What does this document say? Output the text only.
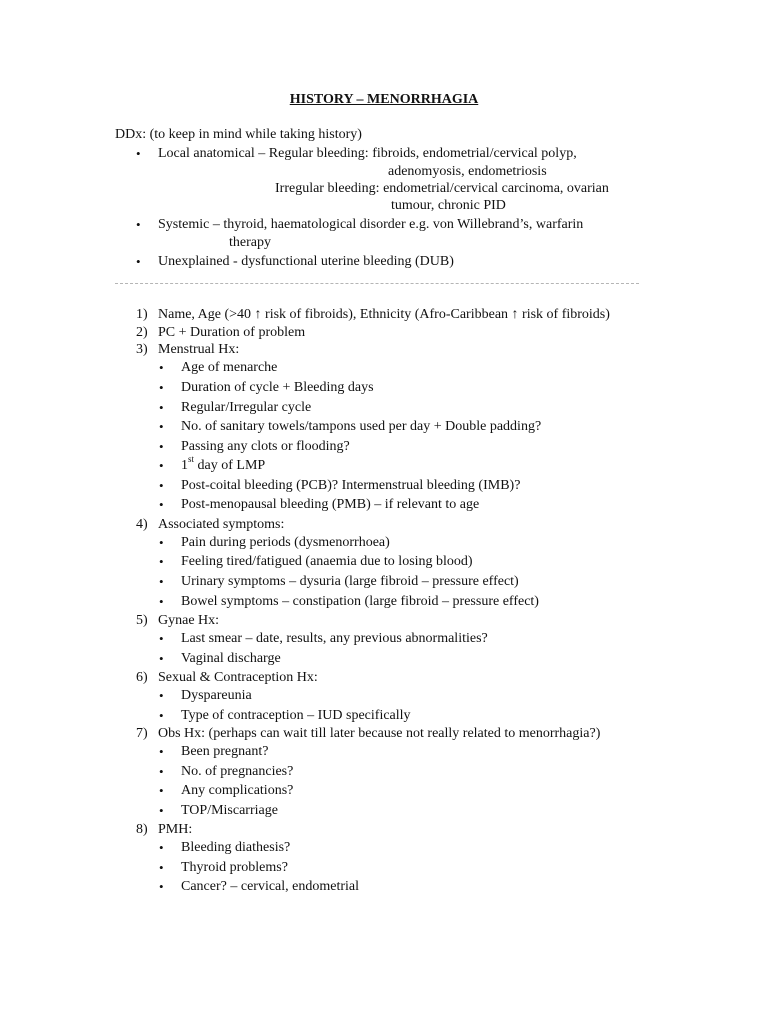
HISTORY – MENORRHAGIA
DDx: (to keep in mind while taking history)
• Local anatomical – Regular bleeding: fibroids, endometrial/cervical polyp,
adenomyosis, endometriosis
Irregular bleeding: endometrial/cervical carcinoma, ovarian
tumour, chronic PID
• Systemic – thyroid, haematological disorder e.g. von Willebrand’s, warfarin
therapy
• Unexplained - dysfunctional uterine bleeding (DUB)
1) Name, Age (>40 ↑ risk of fibroids), Ethnicity (Afro-Caribbean ↑ risk of fibroids)
2) PC + Duration of problem
3) Menstrual Hx:
• Age of menarche
• Duration of cycle + Bleeding days
• Regular/Irregular cycle
• No. of sanitary towels/tampons used per day + Double padding?
• Passing any clots or flooding?
• 1st day of LMP
• Post-coital bleeding (PCB)? Intermenstrual bleeding (IMB)?
• Post-menopausal bleeding (PMB) – if relevant to age
4) Associated symptoms:
• Pain during periods (dysmenorrhoea)
• Feeling tired/fatigued (anaemia due to losing blood)
• Urinary symptoms – dysuria (large fibroid – pressure effect)
• Bowel symptoms – constipation (large fibroid – pressure effect)
5) Gynae Hx:
• Last smear – date, results, any previous abnormalities?
• Vaginal discharge
6) Sexual & Contraception Hx:
• Dyspareunia
• Type of contraception – IUD specifically
7) Obs Hx: (perhaps can wait till later because not really related to menorrhagia?)
• Been pregnant?
• No. of pregnancies?
• Any complications?
• TOP/Miscarriage
8) PMH:
• Bleeding diathesis?
• Thyroid problems?
• Cancer? – cervical, endometrial
